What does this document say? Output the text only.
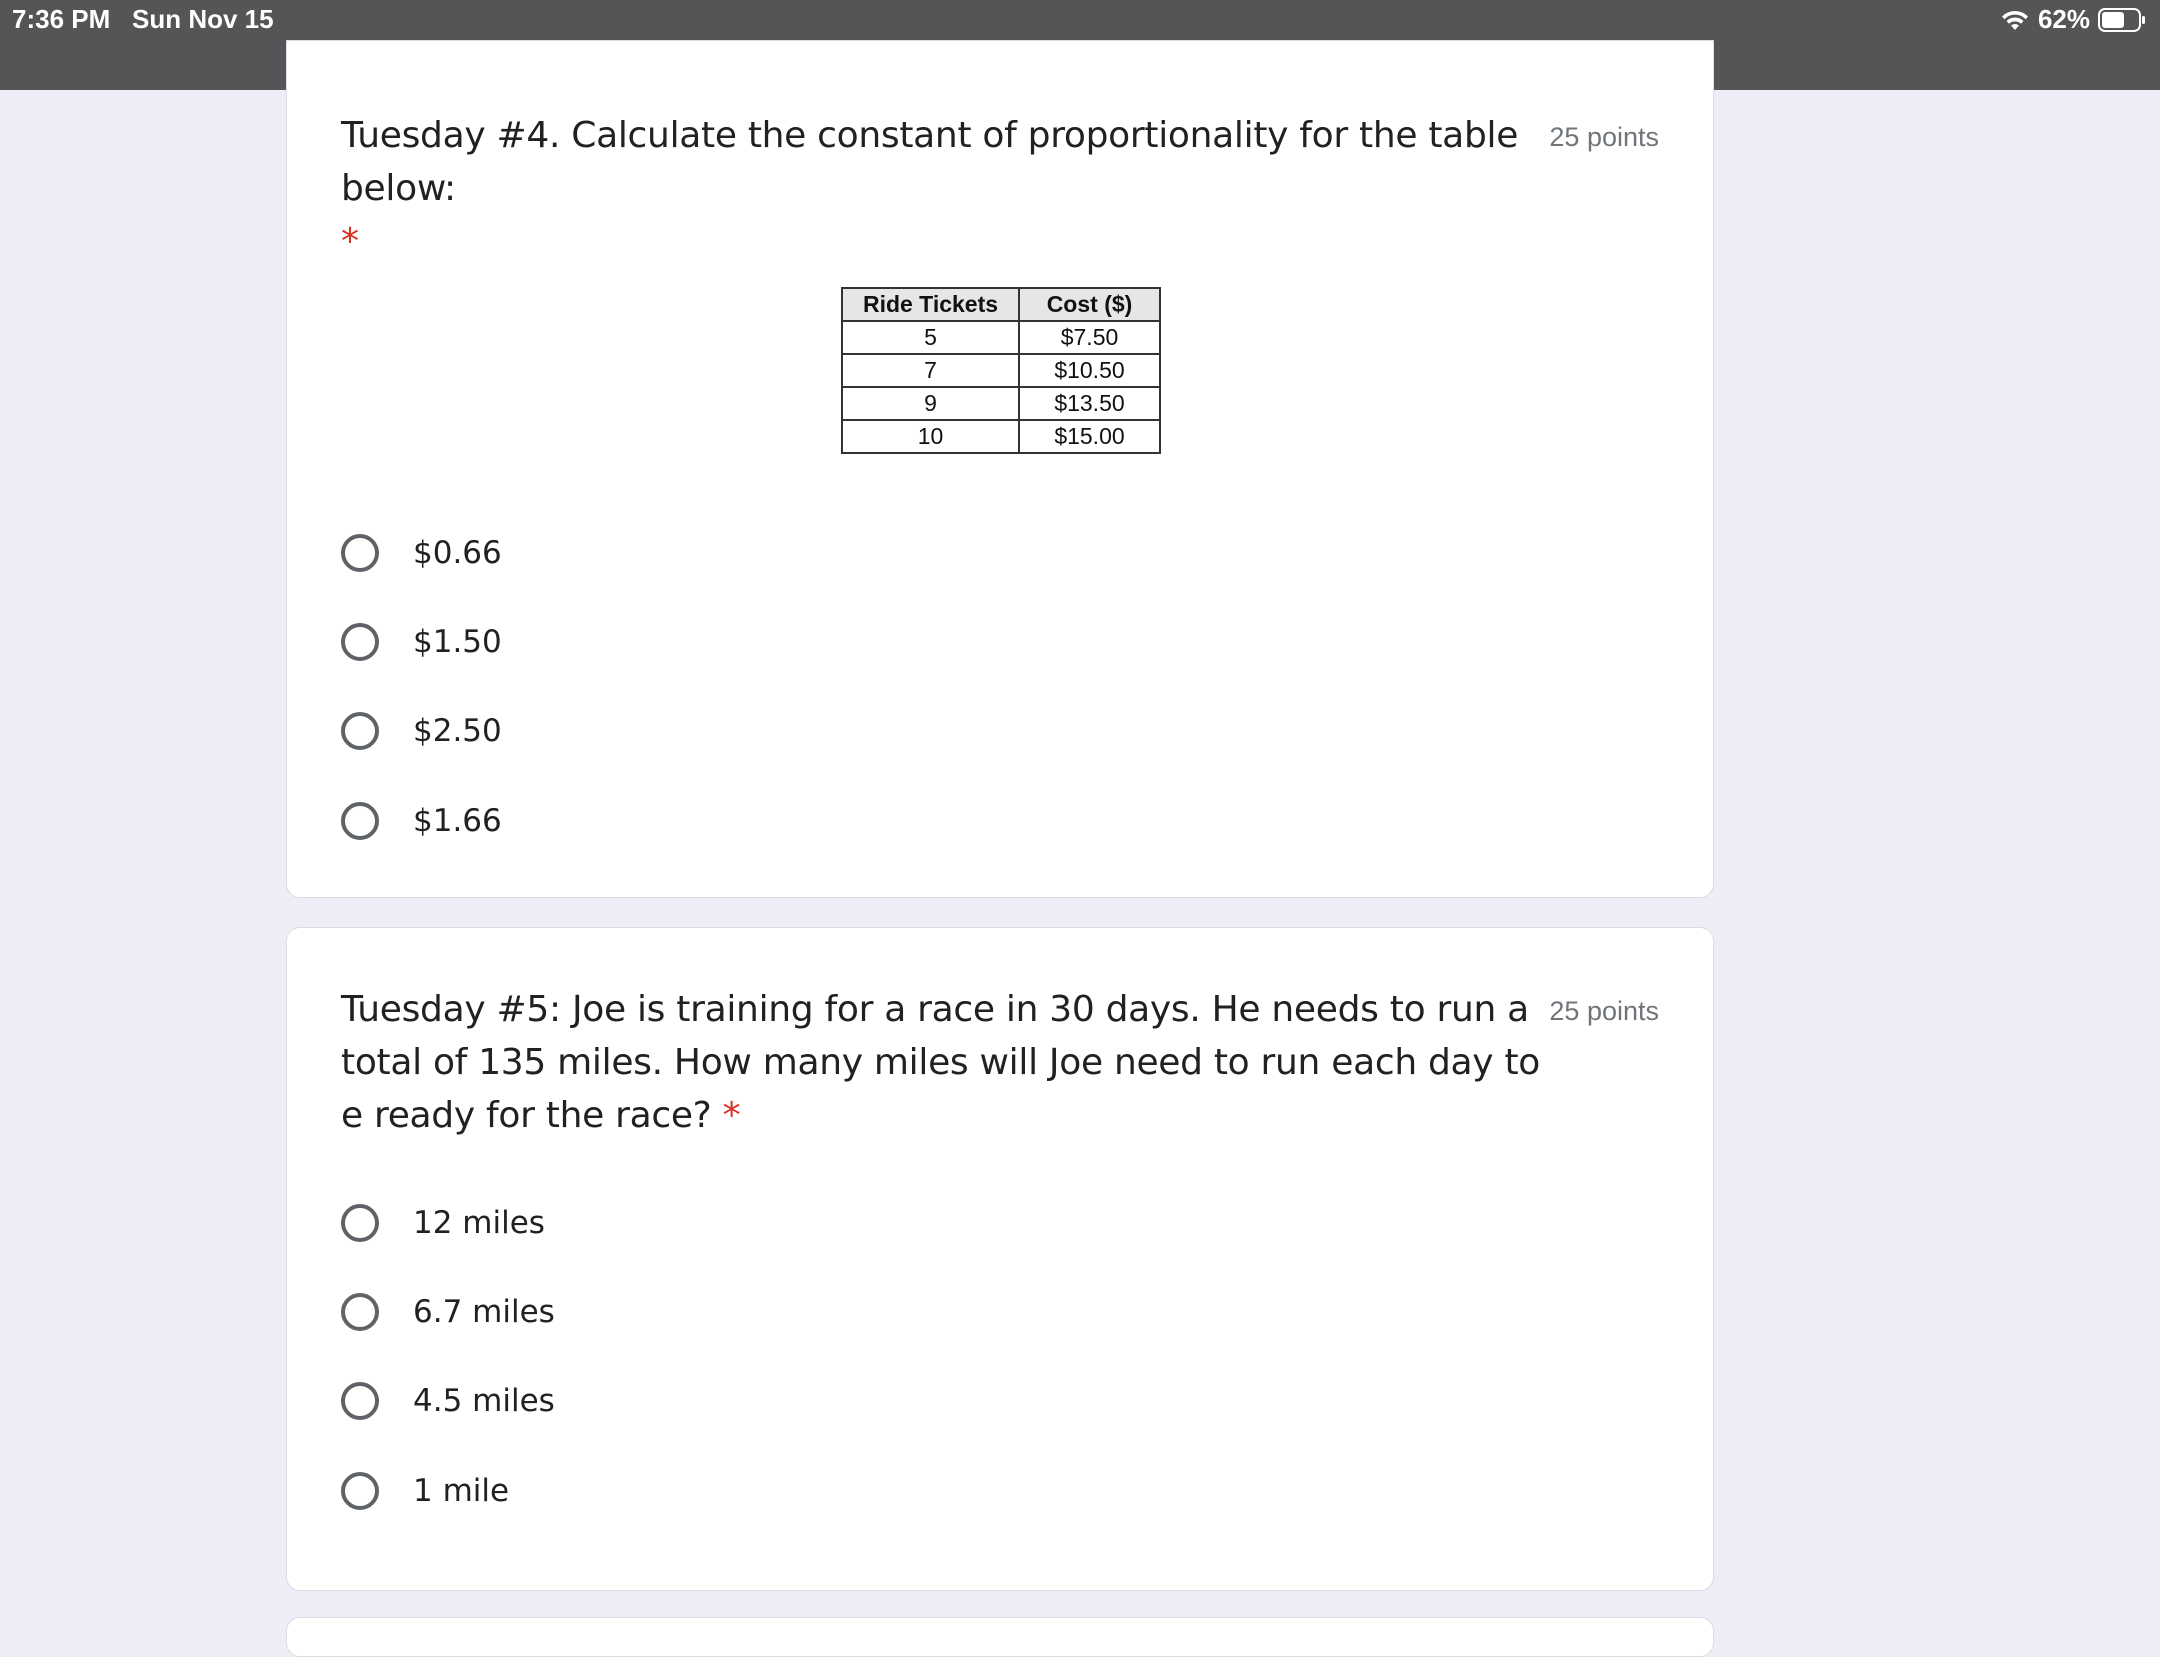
7:36 PM Sun Nov 15	62%
Tuesday #4. Calculate the constant of proportionality for the table below:
*
25 points
Ride Tickets	Cost ($)
5	$7.50
7	$10.50
9	$13.50
10	$15.00
$0.66
$1.50
$2.50
$1.66
Tuesday #5: Joe is training for a race in 30 days. He needs to run a total of 135 miles. How many miles will Joe need to run each day to e ready for the race? *
25 points
12 miles
6.7 miles
4.5 miles
1 mile
